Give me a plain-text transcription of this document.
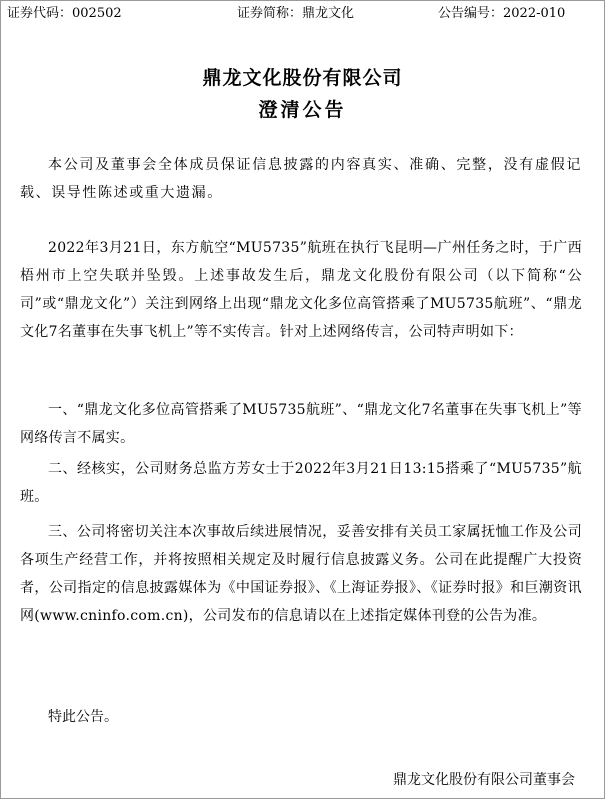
证券代码：002502	证券简称：鼎龙文化	公告编号：2022-010
鼎龙文化股份有限公司
澄清公告

本公司及董事会全体成员保证信息披露的内容真实、准确、完整，没有虚假记载、误导性陈述或重大遗漏。

2022年3月21日，东方航空“MU5735”航班在执行飞昆明—广州任务之时，于广西梧州市上空失联并坠毁。上述事故发生后，鼎龙文化股份有限公司（以下简称“公司”或“鼎龙文化”）关注到网络上出现“鼎龙文化多位高管搭乘了MU5735航班”、“鼎龙文化7名董事在失事飞机上”等不实传言。针对上述网络传言，公司特声明如下：

一、“鼎龙文化多位高管搭乘了MU5735航班”、“鼎龙文化7名董事在失事飞机上”等网络传言不属实。

二、经核实，公司财务总监方芳女士于2022年3月21日13:15搭乘了“MU5735”航班。

三、公司将密切关注本次事故后续进展情况，妥善安排有关员工家属抚恤工作及公司各项生产经营工作，并将按照相关规定及时履行信息披露义务。公司在此提醒广大投资者，公司指定的信息披露媒体为《中国证券报》、《上海证券报》、《证券时报》和巨潮资讯网(www.cninfo.com.cn)，公司发布的信息请以在上述指定媒体刊登的公告为准。

特此公告。

鼎龙文化股份有限公司董事会
